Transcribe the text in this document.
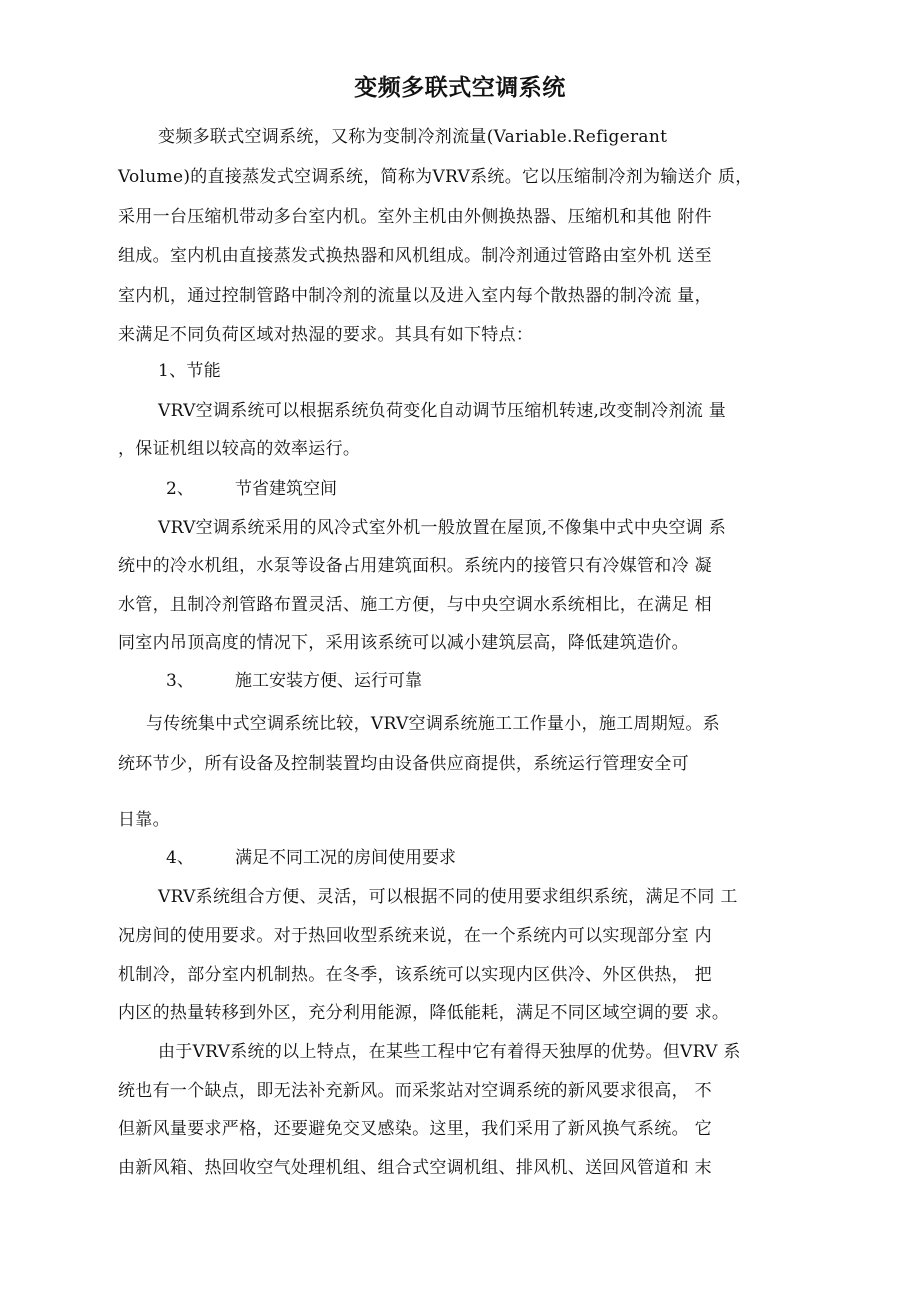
变频多联式空调系统
变频多联式空调系统，又称为变制冷剂流量(Variable.Refigerant
Volume)的直接蒸发式空调系统，简称为VRV系统。它以压缩制冷剂为输送介 质，
采用一台压缩机带动多台室内机。室外主机由外侧换热器、压缩机和其他 附件
组成。室内机由直接蒸发式换热器和风机组成。制冷剂通过管路由室外机 送至
室内机，通过控制管路中制冷剂的流量以及进入室内每个散热器的制冷流 量，
来满足不同负荷区域对热湿的要求。其具有如下特点：
1、节能
VRV空调系统可以根据系统负荷变化自动调节压缩机转速,改变制冷剂流 量
，保证机组以较高的效率运行。
2、 节省建筑空间
VRV空调系统采用的风冷式室外机一般放置在屋顶,不像集中式中央空调 系
统中的冷水机组，水泵等设备占用建筑面积。系统内的接管只有冷媒管和冷 凝
水管，且制冷剂管路布置灵活、施工方便，与中央空调水系统相比，在满足 相
同室内吊顶高度的情况下，采用该系统可以减小建筑层高，降低建筑造价。
3、 施工安装方便、运行可靠
与传统集中式空调系统比较，VRV空调系统施工工作量小，施工周期短。系
统环节少，所有设备及控制装置均由设备供应商提供，系统运行管理安全可
日靠。
4、 满足不同工况的房间使用要求
VRV系统组合方便、灵活，可以根据不同的使用要求组织系统，满足不同 工
况房间的使用要求。对于热回收型系统来说，在一个系统内可以实现部分室 内
机制冷，部分室内机制热。在冬季，该系统可以实现内区供冷、外区供热， 把
内区的热量转移到外区，充分利用能源，降低能耗，满足不同区域空调的要 求。
由于VRV系统的以上特点，在某些工程中它有着得天独厚的优势。但VRV 系
统也有一个缺点，即无法补充新风。而采浆站对空调系统的新风要求很高， 不
但新风量要求严格，还要避免交叉感染。这里，我们采用了新风换气系统。 它
由新风箱、热回收空气处理机组、组合式空调机组、排风机、送回风管道和 末
